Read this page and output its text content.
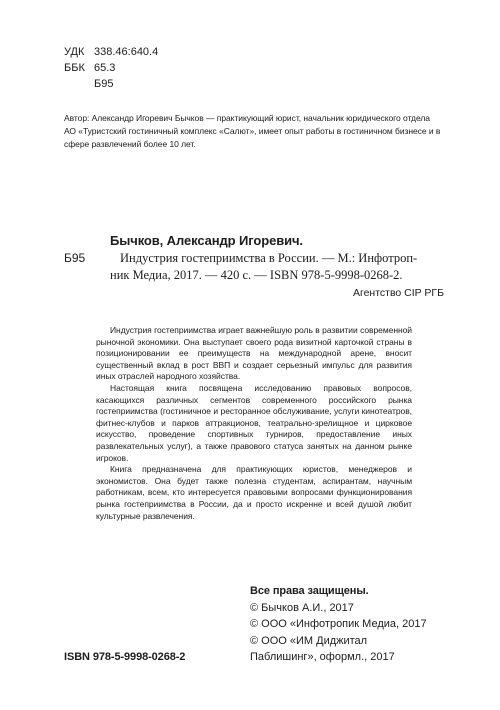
УДК 338.46:640.4
ББК 65.3
Б95

Автор: Александр Игоревич Бычков — практикующий юрист, начальник юридического отдела АО «Туристский гостиничный комплекс «Салют», имеет опыт работы в гостиничном бизнесе и в сфере развлечений более 10 лет.

Бычков, Александр Игоревич.
Б95	Индустрия гостеприимства в России. — М.: Инфотроп-
ник Медиа, 2017. — 420 с. — ISBN 978-5-9998-0268-2.
Агентство CIP РГБ

Индустрия гостеприимства играет важнейшую роль в развитии современной рыночной экономики. Она выступает своего рода визитной карточкой страны в позиционировании ее преимуществ на международной арене, вносит существенный вклад в рост ВВП и создает серьезный импульс для развития иных отраслей народного хозяйства.

Настоящая книга посвящена исследованию правовых вопросов, касающихся различных сегментов современного российского рынка гостеприимства (гостиничное и ресторанное обслуживание, услуги кинотеатров, фитнес-клубов и парков аттракционов, театрально-зрелищное и цирковое искусство, проведение спортивных турниров, предоставление иных развлекательных услуг), а также правового статуса занятых на данном рынке игроков.

Книга предназначена для практикующих юристов, менеджеров и экономистов. Она будет также полезна студентам, аспирантам, научным работникам, всем, кто интересуется правовыми вопросами функционирования рынка гостеприимства в России, да и просто искренне и всей душой любит культурные развлечения.

Все права защищены.
© Бычков А.И., 2017
© ООО «Инфотропик Медиа, 2017
© ООО «ИМ Диджитал
Паблишинг», оформл., 2017
ISBN 978-5-9998-0268-2
